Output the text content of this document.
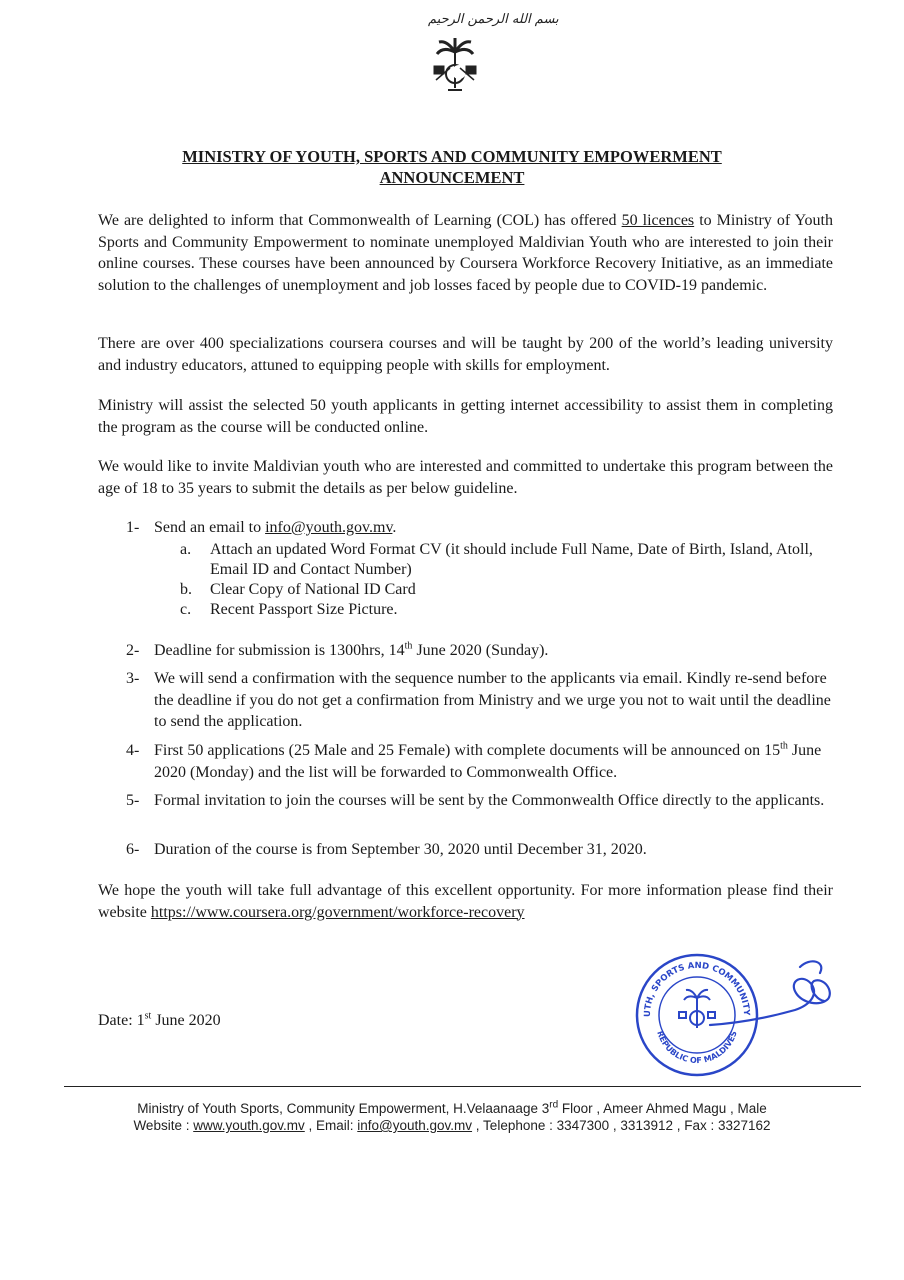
بسم الله الرحمن الرحيم
MINISTRY OF YOUTH, SPORTS AND COMMUNITY EMPOWERMENT
ANNOUNCEMENT
We are delighted to inform that Commonwealth of Learning (COL) has offered 50 licences to Ministry of Youth Sports and Community Empowerment to nominate unemployed Maldivian Youth who are interested to join their online courses. These courses have been announced by Coursera Workforce Recovery Initiative, as an immediate solution to the challenges of unemployment and job losses faced by people due to COVID-19 pandemic.
There are over 400 specializations coursera courses and will be taught by 200 of the world’s leading university and industry educators, attuned to equipping people with skills for employment.
Ministry will assist the selected 50 youth applicants in getting internet accessibility to assist them in completing the program as the course will be conducted online.
We would like to invite Maldivian youth who are interested and committed to undertake this program between the age of 18 to 35 years to submit the details as per below guideline.
1- Send an email to info@youth.gov.mv.
a. Attach an updated Word Format CV (it should include Full Name, Date of Birth, Island, Atoll, Email ID and Contact Number)
b. Clear Copy of National ID Card
c. Recent Passport Size Picture.
2- Deadline for submission is 1300hrs, 14th June 2020 (Sunday).
3- We will send a confirmation with the sequence number to the applicants via email. Kindly re-send before the deadline if you do not get a confirmation from Ministry and we urge you not to wait until the deadline to send the application.
4- First 50 applications (25 Male and 25 Female) with complete documents will be announced on 15th June 2020 (Monday) and the list will be forwarded to Commonwealth Office.
5- Formal invitation to join the courses will be sent by the Commonwealth Office directly to the applicants.
6- Duration of the course is from September 30, 2020 until December 31, 2020.
We hope the youth will take full advantage of this excellent opportunity. For more information please find their website https://www.coursera.org/government/workforce-recovery
Date: 1st June 2020	UTH, SPORTS AND COMMUNITY
REPUBLIC OF MALDIVES
Ministry of Youth Sports, Community Empowerment, H.Velaanaage 3rd Floor , Ameer Ahmed Magu , Male
Website : www.youth.gov.mv , Email: info@youth.gov.mv , Telephone : 3347300 , 3313912 , Fax : 3327162
